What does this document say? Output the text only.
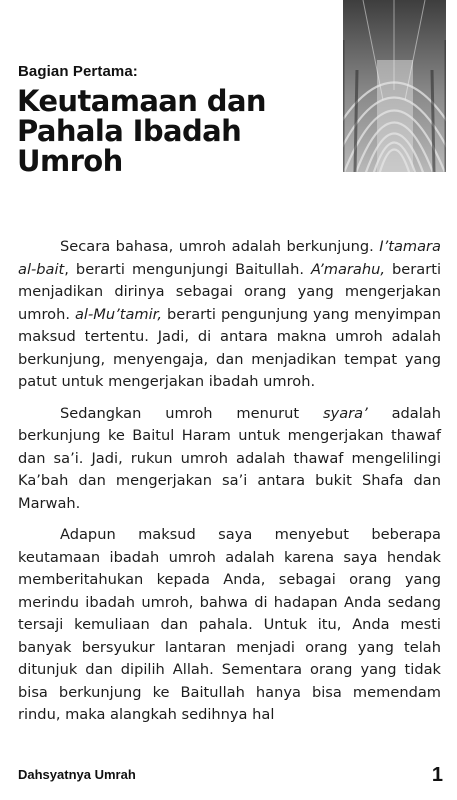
Bagian Pertama:
Keutamaan dan
Pahala Ibadah
Umroh

Secara bahasa, umroh adalah berkunjung. I’tamara al-bait, berarti mengunjungi Baitullah. A’marahu, berarti menjadikan dirinya sebagai orang yang mengerjakan umroh. al-Mu’tamir, berarti pengunjung yang menyimpan maksud tertentu. Jadi, di antara makna umroh adalah berkunjung, menyengaja, dan menjadikan tempat yang patut untuk mengerjakan ibadah umroh.

Sedangkan umroh menurut syara’ adalah berkunjung ke Baitul Haram untuk mengerjakan thawaf dan sa’i. Jadi, rukun umroh adalah thawaf mengelilingi Ka’bah dan mengerjakan sa’i antara bukit Shafa dan Marwah.

Adapun maksud saya menyebut beberapa keutamaan ibadah umroh adalah karena saya hendak memberitahukan kepada Anda, sebagai orang yang merindu ibadah umroh, bahwa di hadapan Anda sedang tersaji kemuliaan dan pahala. Untuk itu, Anda mesti banyak bersyukur lantaran menjadi orang yang telah ditunjuk dan dipilih Allah. Sementara orang yang tidak bisa berkunjung ke Baitullah hanya bisa memendam rindu, maka alangkah sedihnya hal

Dahsyatnya Umrah	1
